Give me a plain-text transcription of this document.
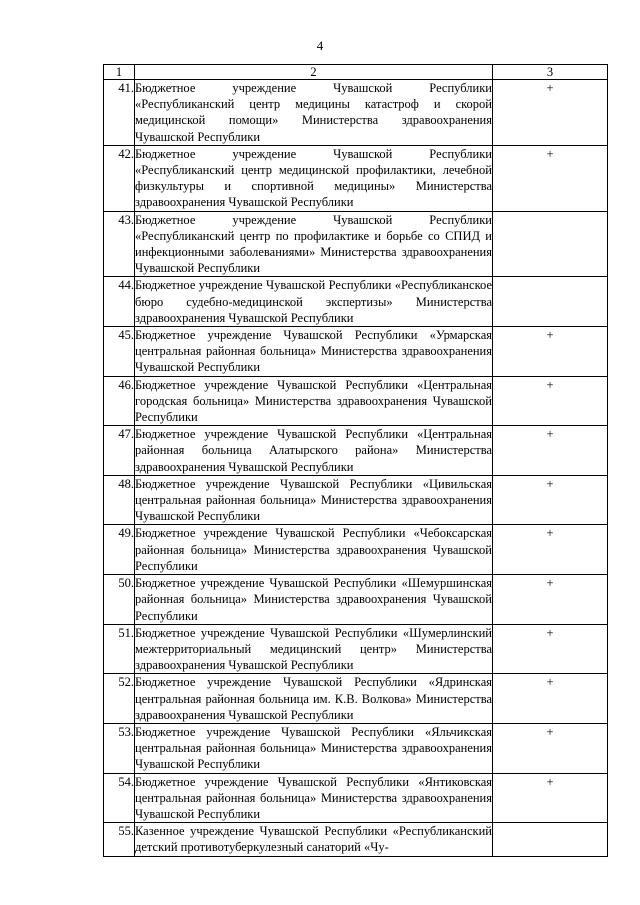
4
1	2	3
41.	Бюджетное учреждение Чувашской Республики «Республиканский центр медицины катастроф и скорой медицинской помощи» Министерства здравоохранения Чувашской Республики	+
42.	Бюджетное учреждение Чувашской Республики «Республиканский центр медицинской профилактики, лечебной физкультуры и спортивной медицины» Министерства здравоохранения Чувашской Республики	+
43.	Бюджетное учреждение Чувашской Республики «Республиканский центр по профилактике и борьбе со СПИД и инфекционными заболеваниями» Министерства здравоохранения Чувашской Республики	
44.	Бюджетное учреждение Чувашской Республики «Республиканское бюро судебно-медицинской экспертизы» Министерства здравоохранения Чувашской Республики	
45.	Бюджетное учреждение Чувашской Республики «Урмарская центральная районная больница» Министерства здравоохранения Чувашской Республики	+
46.	Бюджетное учреждение Чувашской Республики «Центральная городская больница» Министерства здравоохранения Чувашской Республики	+
47.	Бюджетное учреждение Чувашской Республики «Центральная районная больница Алатырского района» Министерства здравоохранения Чувашской Республики	+
48.	Бюджетное учреждение Чувашской Республики «Цивильская центральная районная больница» Министерства здравоохранения Чувашской Республики	+
49.	Бюджетное учреждение Чувашской Республики «Чебоксарская районная больница» Министерства здравоохранения Чувашской Республики	+
50.	Бюджетное учреждение Чувашской Республики «Шемуршинская районная больница» Министерства здравоохранения Чувашской Республики	+
51.	Бюджетное учреждение Чувашской Республики «Шумерлинский межтерриториальный медицинский центр» Министерства здравоохранения Чувашской Республики	+
52.	Бюджетное учреждение Чувашской Республики «Ядринская центральная районная больница им. К.В. Волкова» Министерства здравоохранения Чувашской Республики	+
53.	Бюджетное учреждение Чувашской Республики «Яльчикская центральная районная больница» Министерства здравоохранения Чувашской Республики	+
54.	Бюджетное учреждение Чувашской Республики «Янтиковская центральная районная больница» Министерства здравоохранения Чувашской Республики	+
55.	Казенное учреждение Чувашской Республики «Республиканский детский противотуберкулезный санаторий «Чу-	
